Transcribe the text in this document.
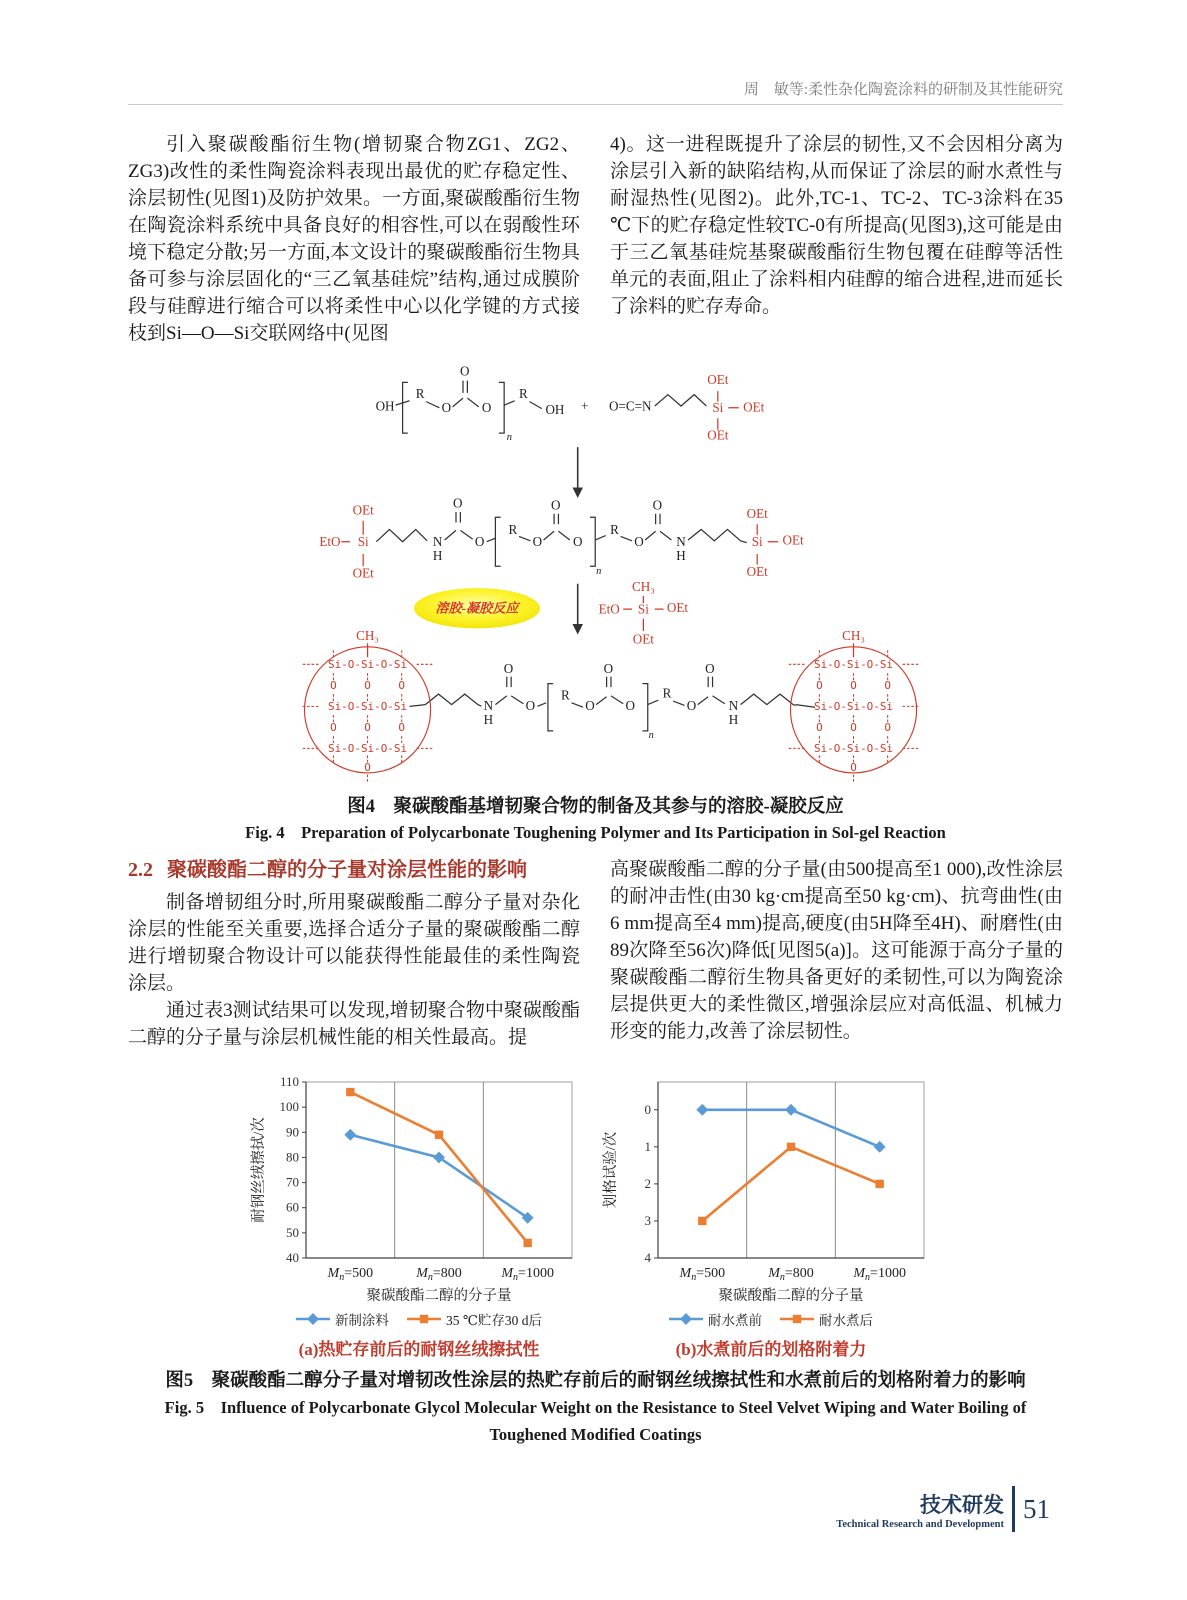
周　敏等:柔性杂化陶瓷涂料的研制及其性能研究

引入聚碳酸酯衍生物(增韧聚合物ZG1、ZG2、ZG3)改性的柔性陶瓷涂料表现出最优的贮存稳定性、涂层韧性(见图1)及防护效果。一方面,聚碳酸酯衍生物在陶瓷涂料系统中具备良好的相容性,可以在弱酸性环境下稳定分散;另一方面,本文设计的聚碳酸酯衍生物具备可参与涂层固化的“三乙氧基硅烷”结构,通过成膜阶段与硅醇进行缩合可以将柔性中心以化学键的方式接枝到Si—O—Si交联网络中(见图

4)。这一进程既提升了涂层的韧性,又不会因相分离为涂层引入新的缺陷结构,从而保证了涂层的耐水煮性与耐湿热性(见图2)。此外,TC-1、TC-2、TC-3涂料在35 ℃下的贮存稳定性较TC-0有所提高(见图3),这可能是由于三乙氧基硅烷基聚碳酸酯衍生物包覆在硅醇等活性单元的表面,阻止了涂料相内硅醇的缩合进程,进而延长了涂料的贮存寿命。

溶胶-凝胶反应
OH
R
O
O
O
n
R
OH + O=C=N	Si
OEt
OEt
OEt
OEt
EtO Si
OEt
N
H
O
O
R
O
O
O
n
R
O
O
N
H
Si
OEt
OEt
OEt
CH₃
EtO Si OEt
OEt
N
H
O
O
R
O
O
O
n
R
O
O
N
H
CH₃
Si-O-Si-O-Si
O O O
Si-O-Si-O-Si
O O O
Si-O-Si-O-Si
O
CH₃
Si-O-Si-O-Si
O O O
Si-O-Si-O-Si
O O O
Si-O-Si-O-Si
O
图4　聚碳酸酯基增韧聚合物的制备及其参与的溶胶-凝胶反应
Fig. 4　Preparation of Polycarbonate Toughening Polymer and Its Participation in Sol-gel Reaction
2.2 聚碳酸酯二醇的分子量对涂层性能的影响

制备增韧组分时,所用聚碳酸酯二醇分子量对杂化涂层的性能至关重要,选择合适分子量的聚碳酸酯二醇进行增韧聚合物设计可以能获得性能最佳的柔性陶瓷涂层。

通过表3测试结果可以发现,增韧聚合物中聚碳酸酯二醇的分子量与涂层机械性能的相关性最高。提

高聚碳酸酯二醇的分子量(由500提高至1 000),改性涂层的耐冲击性(由30 kg·cm提高至50 kg·cm)、抗弯曲性(由6 mm提高至4 mm)提高,硬度(由5H降至4H)、耐磨性(由89次降至56次)降低[见图5(a)]。这可能源于高分子量的聚碳酸酯二醇衍生物具备更好的柔韧性,可以为陶瓷涂层提供更大的柔性微区,增强涂层应对高低温、机械力形变的能力,改善了涂层韧性。

40
50
60
70
80
90
100
110
$M_n=500$	$M_n=800$	$M_n=1000$
耐钢丝绒擦拭/次
聚碳酸酯二醇的分子量
新制涂料	35 ℃贮存30 d后
(a)热贮存前后的耐钢丝绒擦拭性
0
1
2
3
4
$M_n=500$	$M_n=800$	$M_n=1000$
划格试验/次
聚碳酸酯二醇的分子量
耐水煮前	耐水煮后
(b)水煮前后的划格附着力
图5　聚碳酸酯二醇分子量对增韧改性涂层的热贮存前后的耐钢丝绒擦拭性和水煮前后的划格附着力的影响
Fig. 5　Influence of Polycarbonate Glycol Molecular Weight on the Resistance to Steel Velvet Wiping and Water Boiling of
Toughened Modified Coatings
技术研发
Technical Research and Development
51
